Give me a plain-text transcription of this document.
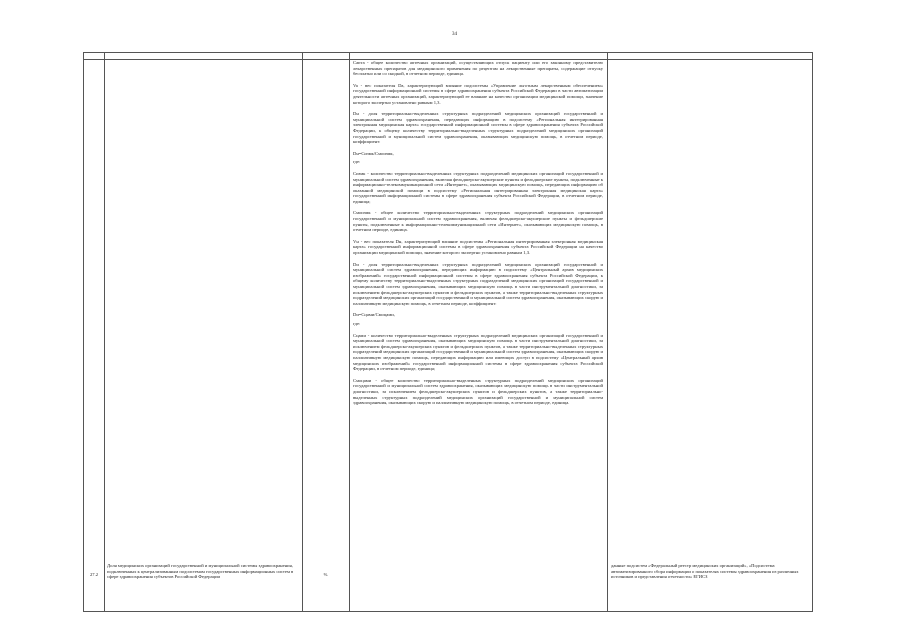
34
27.2
Доля медицинских организаций государственной и муниципальной системы здравоохранения, подключенных к централизованным подсистемам государственных информационных систем в сфере здравоохранения субъектов Российской Федерации	%
данные подсистем «Федеральный реестр медицинских организаций», «Подсистема автоматизированного сбора информации о показателях системы здравоохранения из различных источников и представления отчетности» ЕГИСЗ

Сапта - общее количество аптечных организаций, осуществляющих отпуск пациенту или его законному представителю лекарственных препаратов для медицинского применения по рецептам на лекарственные препараты, содержащие отпуску бесплатно или со скидкой, в отчетном периоде, единица.

Va - вес показателя Da, характеризующий влияние подсистемы «Управление льготным лекарственным обеспечением» государственной информационной системы в сфере здравоохранения субъекта Российской Федерации в части автоматизации деятельности аптечных организаций, характеризующий ее влияние на качество организации медицинской помощи, значение которого экспертно установлено равным 1,3.

Dн - доля территориально-выделенных структурных подразделений медицинских организаций государственной и муниципальной систем здравоохранения, передающих информацию в подсистему «Региональная интегрированная электронная медицинская карта» государственной информационной системы в сфере здравоохранения субъекта Российской Федерации, к общему количеству территориально-выделенных структурных подразделений медицинских организаций государственной и муниципальной систем здравоохранения, оказывающих медицинскую помощь, в отчетном периоде, коэффициент:

Dн=Сизмк/Смоизмк,

где:

Сизмк - количество территориально-выделенных структурных подразделений медицинских организаций государственной и муниципальной систем здравоохранения, включая фельдшерско-акушерские пункты и фельдшерские пункты, подключенные к информационно-телекоммуникационной сети «Интернет», оказывающих медицинскую помощь, передающих информацию об оказанной медицинской помощи в подсистему «Региональная интегрированная электронная медицинская карта» государственной информационной системы в сфере здравоохранения субъекта Российской Федерации, в отчетном периоде, единица;

Смоизмк - общее количество территориально-выделенных структурных подразделений медицинских организаций государственной и муниципальной систем здравоохранения, включая фельдшерско-акушерские пункты и фельдшерские пункты, подключенные к информационно-телекоммуникационной сети «Интернет», оказывающих медицинскую помощь, в отчетном периоде, единица.

Vн - вес показателя Dн, характеризующий влияние подсистемы «Региональная интегрированная электронная медицинская карта» государственной информационной системы в сфере здравоохранения субъекта Российской Федерации на качество организации медицинской помощи, значение которого экспертно установлено равным 1,3.

Dи - доля территориально-выделенных структурных подразделений медицинских организаций государственной и муниципальной систем здравоохранения, передающих информацию в подсистему «Центральный архив медицинских изображений» государственной информационной системы в сфере здравоохранения субъекта Российской Федерации, к общему количеству территориально-выделенных структурных подразделений медицинских организаций государственной и муниципальной систем здравоохранения, оказывающих медицинскую помощь в части инструментальной диагностики, за исключением фельдшерско-акушерских пунктов и фельдшерских пунктов, а также территориально-выделенных структурных подразделений медицинских организаций государственной и муниципальной систем здравоохранения, оказывающих скорую и паллиативную медицинскую помощь, в отчетном периоде, коэффициент:

Dи=Сцами/Смоцами,

где:

Сцами - количество территориально-выделенных структурных подразделений медицинских организаций государственной и муниципальной систем здравоохранения, оказывающих медицинскую помощь в части инструментальной диагностики, за исключением фельдшерско-акушерских пунктов и фельдшерских пунктов, а также территориально-выделенных структурных подразделений медицинских организаций государственной и муниципальной систем здравоохранения, оказывающих скорую и паллиативную медицинскую помощь, передающих информацию или имеющих доступ в подсистему «Центральный архив медицинских изображений» государственной информационной системы в сфере здравоохранения субъекта Российской Федерации, в отчетном периоде, единица;

Смоцами - общее количество территориально-выделенных структурных подразделений медицинских организаций государственной и муниципальной систем здравоохранения, оказывающих медицинскую помощь в части инструментальной диагностики, за исключением фельдшерско-акушерских пунктов и фельдшерских пунктов, а также территориально-выделенных структурных подразделений медицинских организаций государственной и муниципальной систем здравоохранения, оказывающих скорую и паллиативную медицинскую помощь, в отчетном периоде, единица.
